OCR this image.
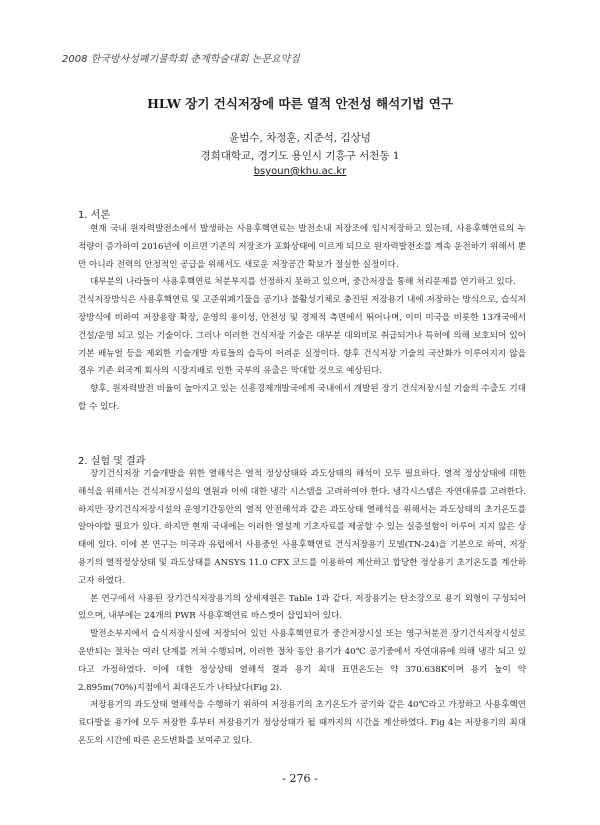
2008 한국방사성폐기물학회 춘계학술대회 논문요약집
HLW 장기 건식저장에 따른 열적 안전성 해석기법 연구
윤범수, 차정훈, 지준석, 김상녕
경희대학교, 경기도 용인시 기흥구 서천동 1
bsyoun@khu.ac.kr
1. 서론

현재 국내 원자력발전소에서 발생하는 사용후핵연료는 발전소내 저장조에 임시저장하고 있는데, 사용후핵연료의 누적량이 증가하여 2016년에 이르면 기존의 저장조가 포화상태에 이르게 되므로 원자력발전소를 계속 운전하기 위해서 뿐만 아니라 전력의 안정적인 공급을 위해서도 새로운 저장공간 확보가 절실한 실정이다.

대부분의 나라들이 사용후핵연료 처분부지를 선정하지 못하고 있으며, 중간저장을 통해 처리문제를 연기하고 있다.

건식저장방식은 사용후핵연료 및 고준위폐기물을 공기나 불활성기체로 충진된 저장용기 내에 저장하는 방식으로, 습식저장방식에 비하여 저장용량 확장, 운영의 용이성, 안전성 및 경제적 측면에서 뛰어나며, 이미 미국을 비롯한 13개국에서 건설/운영 되고 있는 기술이다. 그러나 이러한 건식저장 기술은 대부분 대외비로 취급되거나 특허에 의해 보호되어 있어 기본 배뉴얼 등을 제외한 기술개발 자료들의 습득이 어려운 실정이다. 향후 건식저장 기술의 국산화가 이루어지지 않을 경우 기존 외국계 회사의 시장지배로 인한 국부의 유출은 막대할 것으로 예상된다.

향후, 원자력발전 비율이 높아지고 있는 신흥경제개발국에게 국내에서 개발된 장기 건식저장시설 기술의 수출도 기대할 수 있다.

2. 실험 및 결과

장기건식저장 기술개발을 위한 열해석은 열적 정상상태와 과도상태의 해석이 모두 필요하다. 열적 정상상태에 대한 해석을 위해서는 건식저장시설의 열원과 이에 대한 냉각 시스템을 고려하여야 한다. 냉각시스템은 자연대류를 고려한다. 하지만 장기건식저장시설의 운영기간동안의 열적 안전해석과 같은 과도상태 열해석을 위해서는 과도상태의 초기온도를 알아야할 필요가 있다. 하지만 현재 국내에는 이러한 열설계 기초자료를 제공할 수 있는 실증설험이 이루어 지지 않은 상태에 있다. 이에 본 연구는 미국과 유럽에서 사용중인 사용후핵연료 건식저장용기 모델(TN-24)을 기본으로 하여, 저장용기의 열적정상상태 및 과도상태를 ANSYS 11.0 CFX 코드를 이용하여 계산하고 합당한 정상용기 초기온도를 계산하고자 하였다.

본 연구에서 사용된 장기건식저장용기의 상세제원은 Table 1과 같다. 저장용기는 탄소강으로 용기 외형이 구성되어 있으며, 내부에는 24개의 PWR 사용후핵연료 바스켓이 삽입되어 있다.

발전소부지에서 습식저장시설에 저장되어 있던 사용후핵연료가 중간저장시설 또는 영구처분전 장기건식저장시설로 운반되는 절차는 여러 단계를 거쳐 수행되며, 이러한 절차 동안 용기가 40℃ 공기중에서 자연대류에 의해 냉각 되고 있다고 가정하였다. 이에 대한 정상상태 열해석 결과 용기 최대 표면온도는 약 370.638K이며 용기 높이 약 2.895m(70%)지점에서 최대온도가 나타났다(Fig 2).

저장용기의 과도상태 열해석을 수행하기 위하여 저장용기의 초기온도가 공기와 같은 40℃라고 가정하고 사용후핵연료다발을 용기에 모두 저장한 후부터 저장용기가 정상상태가 될 때까지의 시간을 계산하였다. Fig 4는 저장용기의 최대온도의 시간에 따른 온도변화를 보여주고 있다.

- 276 -
